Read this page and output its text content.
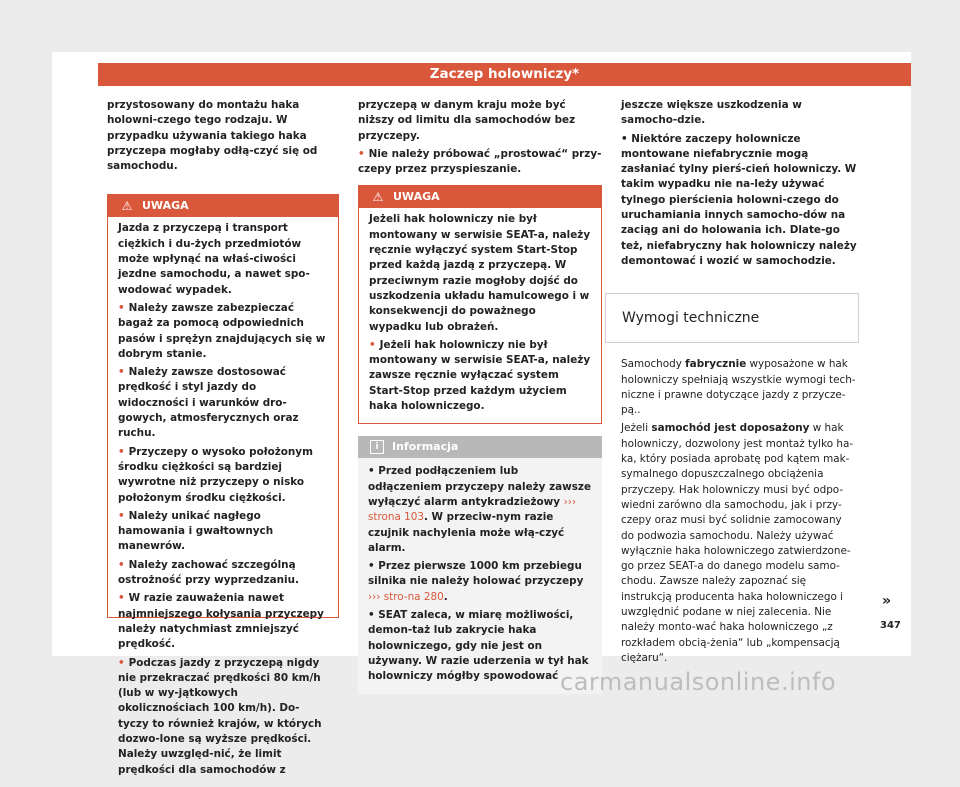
Zaczep holowniczy*

przystosowany do montażu haka holowni-czego tego rodzaju. W przypadku używania takiego haka przyczepa mogłaby odłą-czyć się od samochodu.

⚠ UWAGA

Jazda z przyczepą i transport ciężkich i du-żych przedmiotów może wpłynąć na właś-ciwości jezdne samochodu, a nawet spo-wodować wypadek.

• Należy zawsze zabezpieczać bagaż za pomocą odpowiednich pasów i sprężyn znajdujących się w dobrym stanie.

• Należy zawsze dostosować prędkość i styl jazdy do widoczności i warunków dro-gowych, atmosferycznych oraz ruchu.

• Przyczepy o wysoko położonym środku ciężkości są bardziej wywrotne niż przyczepy o nisko położonym środku ciężkości.

• Należy unikać nagłego hamowania i gwałtownych manewrów.

• Należy zachować szczególną ostrożność przy wyprzedzaniu.

• W razie zauważenia nawet najmniejszego kołysania przyczepy należy natychmiast zmniejszyć prędkość.

• Podczas jazdy z przyczepą nigdy nie przekraczać prędkości 80 km/h (lub w wy-jątkowych okolicznościach 100 km/h). Do-tyczy to również krajów, w których dozwo-lone są wyższe prędkości. Należy uwzględ-nić, że limit prędkości dla samochodów z

przyczepą w danym kraju może być niższy od limitu dla samochodów bez przyczepy.

• Nie należy próbować „prostować“ przy-czepy przez przyspieszanie.

⚠ UWAGA

Jeżeli hak holowniczy nie był montowany w serwisie SEAT-a, należy ręcznie wyłączyć system Start-Stop przed każdą jazdą z przyczepą. W przeciwnym razie mogłoby dojść do uszkodzenia układu hamulcowego i w konsekwencji do poważnego wypadku lub obrażeń.

• Jeżeli hak holowniczy nie był montowany w serwisie SEAT-a, należy zawsze ręcznie wyłączać system Start-Stop przed każdym użyciem haka holowniczego.

i	Informacja

• Przed podłączeniem lub odłączeniem przyczepy należy zawsze wyłączyć alarm antykradzieżowy ››› strona 103. W przeciw-nym razie czujnik nachylenia może włą-czyć alarm.

• Przez pierwsze 1000 km przebiegu silnika nie należy holować przyczepy ››› stro-na 280.

• SEAT zaleca, w miarę możliwości, demon-taż lub zakrycie haka holowniczego, gdy nie jest on używany. W razie uderzenia w tył hak holowniczy mógłby spowodować

jeszcze większe uszkodzenia w samocho-dzie.

• Niektóre zaczepy holownicze montowane niefabrycznie mogą zasłaniać tylny pierś-cień holowniczy. W takim wypadku nie na-leży używać tylnego pierścienia holowni-czego do uruchamiania innych samocho-dów na zaciąg ani do holowania ich. Dlate-go też, niefabryczny hak holowniczy należy demontować i wozić w samochodzie.

Wymogi techniczne

Samochody fabrycznie wyposażone w hak holowniczy spełniają wszystkie wymogi tech-niczne i prawne dotyczące jazdy z przycze-pą..

Jeżeli samochód jest doposażony w hak holowniczy, dozwolony jest montaż tylko ha-ka, który posiada aprobatę pod kątem mak-symalnego dopuszczalnego obciążenia przyczepy. Hak holowniczy musi być odpo-wiedni zarówno dla samochodu, jak i przy-czepy oraz musi być solidnie zamocowany do podwozia samochodu. Należy używać wyłącznie haka holowniczego zatwierdzone-go przez SEAT-a do danego modelu samo-chodu. Zawsze należy zapoznać się instrukcją producenta haka holowniczego i uwzględnić podane w niej zalecenia. Nie należy monto-wać haka holowniczego „z rozkładem obcią-żenia“ lub „kompensacją ciężaru“.

»
347
carmanualsonline.info
